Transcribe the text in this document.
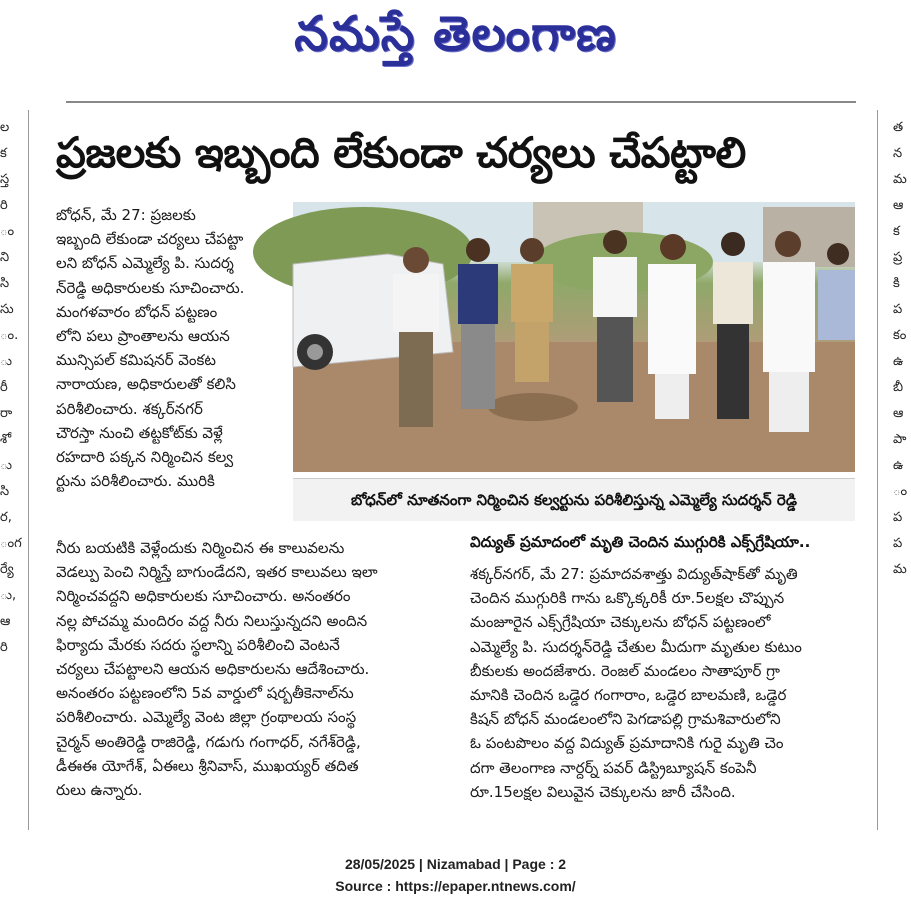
నమస్తే తెలంగాణ
ల
క
స్త
రి
ం
ని
సి
సు
ం.
ు
రీ
రా
శో
ు
సి
ర,
ంగ
ర్యే
ు,
ఆ
రి
త
న
మ
ఆ
క
ప్ర
కి
ప
కం
ఉ
బీ
ఆ
పా
ఉ
ం
ప
ప
మ
ప్రజలకు ఇబ్బంది లేకుండా చర్యలు చేపట్టాలి

బోధన్, మే 27: ప్రజలకు

ఇబ్బంది లేకుండా చర్యలు చేపట్టా

లని బోధన్ ఎమ్మెల్యే పి. సుదర్శ

న్‌రెడ్డి అధికారులకు సూచించారు.

మంగళవారం బోధన్ పట్టణం

లోని పలు ప్రాంతాలను ఆయన

మున్సిపల్ కమిషనర్ వెంకట

నారాయణ, అధికారులతో కలిసి

పరిశీలించారు. శక్కర్‌నగర్

చౌరస్తా నుంచి తట్టకోట్‌కు వెళ్లే

రహదారి పక్కన నిర్మించిన కల్వ

ర్టును పరిశీలించారు. మురికి

బోధన్‌లో నూతనంగా నిర్మించిన కల్వర్టును పరిశీలిస్తున్న ఎమ్మెల్యే సుదర్శన్ రెడ్డి

నీరు బయటికి వెళ్లేందుకు నిర్మించిన ఈ కాలువలను

వెడల్పు పెంచి నిర్మిస్తే బాగుండేదని, ఇతర కాలువలు ఇలా

నిర్మించవద్దని అధికారులకు సూచించారు. అనంతరం

నల్ల పోచమ్మ మందిరం వద్ద నీరు నిలుస్తున్నదని అందిన

ఫిర్యాదు మేరకు సదరు స్థలాన్ని పరిశీలించి వెంటనే

చర్యలు చేపట్టాలని ఆయన అధికారులను ఆదేశించారు.

అనంతరం పట్టణంలోని 5వ వార్డులో షర్బతీకెనాల్‌ను

పరిశీలించారు. ఎమ్మెల్యే వెంట జిల్లా గ్రంథాలయ సంస్థ

చైర్మన్ అంతిరెడ్డి రాజిరెడ్డి, గడుగు గంగాధర్, నగేశ్‌రెడ్డి,

డీఈఈ యోగేశ్, ఏఈలు శ్రీనివాస్, ముఖయ్యర్ తదిత

రులు ఉన్నారు.

విద్యుత్ ప్రమాదంలో మృతి చెందిన ముగ్గురికి ఎక్స్‌గ్రేషియా..

శక్కర్‌నగర్, మే 27: ప్రమాదవశాత్తు విద్యుత్‌షాక్‌తో మృతి

చెందిన ముగ్గురికి గాను ఒక్కొక్కరికీ రూ.5లక్షల చొప్పున

మంజూరైన ఎక్స్‌గ్రేషియా చెక్కులను బోధన్ పట్టణంలో

ఎమ్మెల్యే పి. సుదర్శన్‌రెడ్డి చేతుల మీదుగా మృతుల కుటుం

బీకులకు అందజేశారు. రెంజల్ మండలం సాతాపూర్ గ్రా

మానికి చెందిన ఒడ్డెర గంగారాం, ఒడ్డెర బాలమణి, ఒడ్డెర

కిషన్ బోధన్ మండలంలోని పెగడాపల్లి గ్రామశివారులోని

ఓ పంటపొలం వద్ద విద్యుత్ ప్రమాదానికి గురై మృతి చెం

దగా తెలంగాణ నార్దర్న్ పవర్ డిస్ట్రిబ్యూషన్ కంపెనీ

రూ.15లక్షల విలువైన చెక్కులను జారీ చేసింది.

28/05/2025 | Nizamabad | Page : 2
Source : https://epaper.ntnews.com/
